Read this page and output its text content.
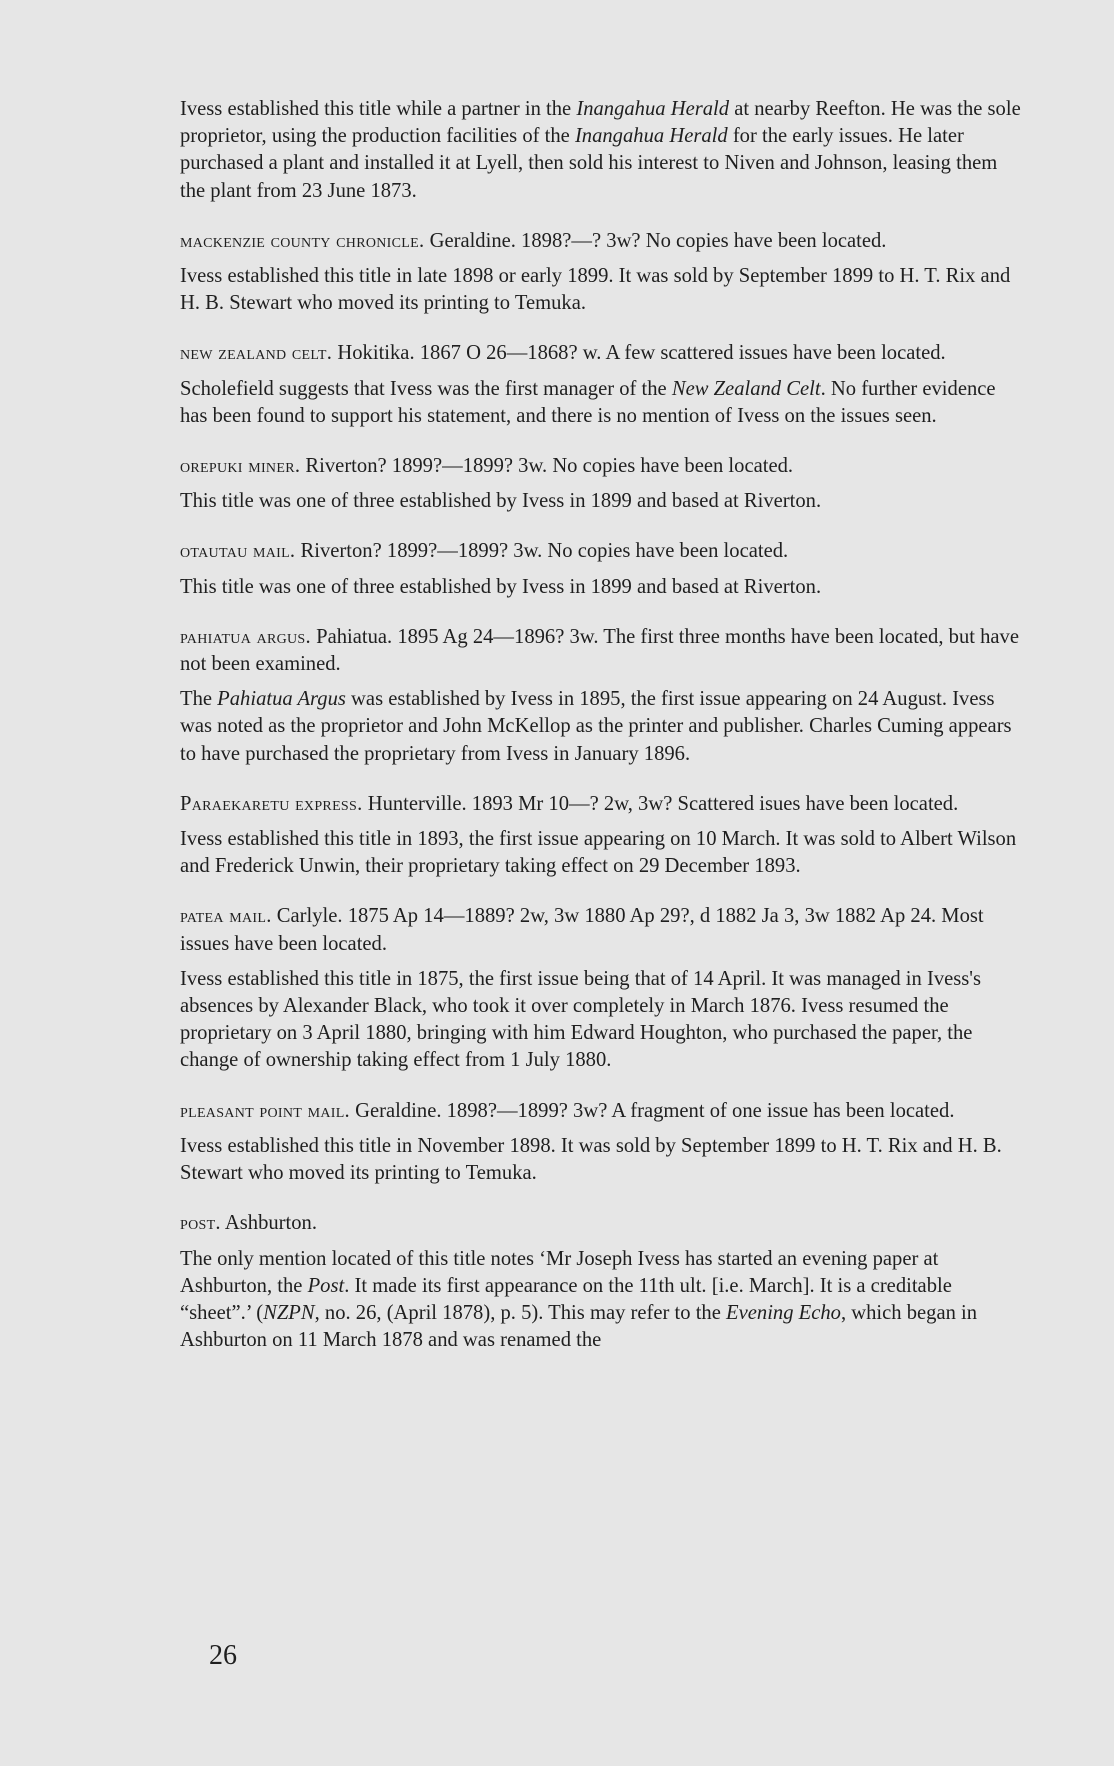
Ivess established this title while a partner in the Inangahua Herald at nearby Reefton. He was the sole proprietor, using the production facilities of the Inangahua Herald for the early issues. He later purchased a plant and installed it at Lyell, then sold his interest to Niven and Johnson, leasing them the plant from 23 June 1873.

mackenzie county chronicle. Geraldine. 1898?—? 3w? No copies have been located.

Ivess established this title in late 1898 or early 1899. It was sold by September 1899 to H. T. Rix and H. B. Stewart who moved its printing to Temuka.

new zealand celt. Hokitika. 1867 O 26—1868? w. A few scattered issues have been located.

Scholefield suggests that Ivess was the first manager of the New Zealand Celt. No further evidence has been found to support his statement, and there is no mention of Ivess on the issues seen.

orepuki miner. Riverton? 1899?—1899? 3w. No copies have been located.

This title was one of three established by Ivess in 1899 and based at Riverton.

otautau mail. Riverton? 1899?—1899? 3w. No copies have been located.

This title was one of three established by Ivess in 1899 and based at Riverton.

pahiatua argus. Pahiatua. 1895 Ag 24—1896? 3w. The first three months have been located, but have not been examined.

The Pahiatua Argus was established by Ivess in 1895, the first issue appearing on 24 August. Ivess was noted as the proprietor and John McKellop as the printer and publisher. Charles Cuming appears to have purchased the proprietary from Ivess in January 1896.

Paraekaretu express. Hunterville. 1893 Mr 10—? 2w, 3w? Scattered isues have been located.

Ivess established this title in 1893, the first issue appearing on 10 March. It was sold to Albert Wilson and Frederick Unwin, their proprietary taking effect on 29 December 1893.

patea mail. Carlyle. 1875 Ap 14—1889? 2w, 3w 1880 Ap 29?, d 1882 Ja 3, 3w 1882 Ap 24. Most issues have been located.

Ivess established this title in 1875, the first issue being that of 14 April. It was managed in Ivess's absences by Alexander Black, who took it over completely in March 1876. Ivess resumed the proprietary on 3 April 1880, bringing with him Edward Houghton, who purchased the paper, the change of ownership taking effect from 1 July 1880.

pleasant point mail. Geraldine. 1898?—1899? 3w? A fragment of one issue has been located.

Ivess established this title in November 1898. It was sold by September 1899 to H. T. Rix and H. B. Stewart who moved its printing to Temuka.

post. Ashburton.

The only mention located of this title notes ‘Mr Joseph Ivess has started an evening paper at Ashburton, the Post. It made its first appearance on the 11th ult. [i.e. March]. It is a creditable “sheet”.’ (NZPN, no. 26, (April 1878), p. 5). This may refer to the Evening Echo, which began in Ashburton on 11 March 1878 and was renamed the

26
